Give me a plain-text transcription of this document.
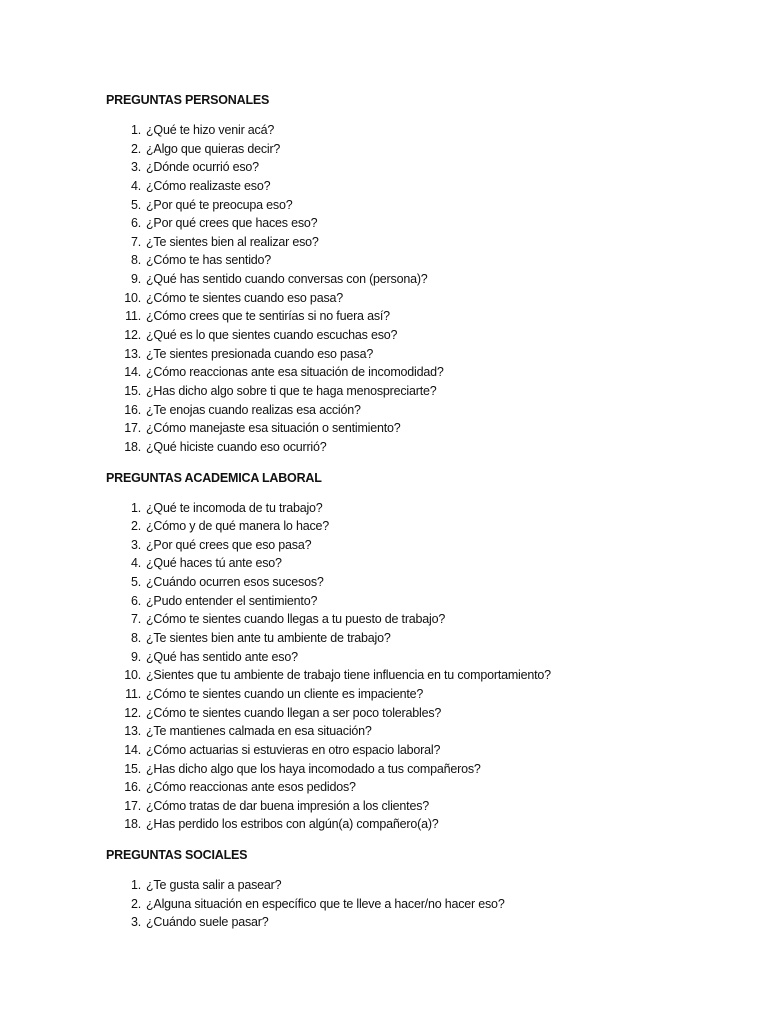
PREGUNTAS PERSONALES
1. ¿Qué te hizo venir acá?
2. ¿Algo que quieras decir?
3. ¿Dónde ocurrió eso?
4. ¿Cómo realizaste eso?
5. ¿Por qué te preocupa eso?
6. ¿Por qué crees que haces eso?
7. ¿Te sientes bien al realizar eso?
8. ¿Cómo te has sentido?
9. ¿Qué has sentido cuando conversas con (persona)?
10. ¿Cómo te sientes cuando eso pasa?
11. ¿Cómo crees que te sentirías si no fuera así?
12. ¿Qué es lo que sientes cuando escuchas eso?
13. ¿Te sientes presionada cuando eso pasa?
14. ¿Cómo reaccionas ante esa situación de incomodidad?
15. ¿Has dicho algo sobre ti que te haga menospreciarte?
16. ¿Te enojas cuando realizas esa acción?
17. ¿Cómo manejaste esa situación o sentimiento?
18. ¿Qué hiciste cuando eso ocurrió?
PREGUNTAS ACADEMICA LABORAL
1. ¿Qué te incomoda de tu trabajo?
2. ¿Cómo y de qué manera lo hace?
3. ¿Por qué crees que eso pasa?
4. ¿Qué haces tú ante eso?
5. ¿Cuándo ocurren esos sucesos?
6. ¿Pudo entender el sentimiento?
7. ¿Cómo te sientes cuando llegas a tu puesto de trabajo?
8. ¿Te sientes bien ante tu ambiente de trabajo?
9. ¿Qué has sentido ante eso?
10. ¿Sientes que tu ambiente de trabajo tiene influencia en tu comportamiento?
11. ¿Cómo te sientes cuando un cliente es impaciente?
12. ¿Cómo te sientes cuando llegan a ser poco tolerables?
13. ¿Te mantienes calmada en esa situación?
14. ¿Cómo actuarias si estuvieras en otro espacio laboral?
15. ¿Has dicho algo que los haya incomodado a tus compañeros?
16. ¿Cómo reaccionas ante esos pedidos?
17. ¿Cómo tratas de dar buena impresión a los clientes?
18. ¿Has perdido los estribos con algún(a) compañero(a)?
PREGUNTAS SOCIALES
1. ¿Te gusta salir a pasear?
2. ¿Alguna situación en específico que te lleve a hacer/no hacer eso?
3. ¿Cuándo suele pasar?
